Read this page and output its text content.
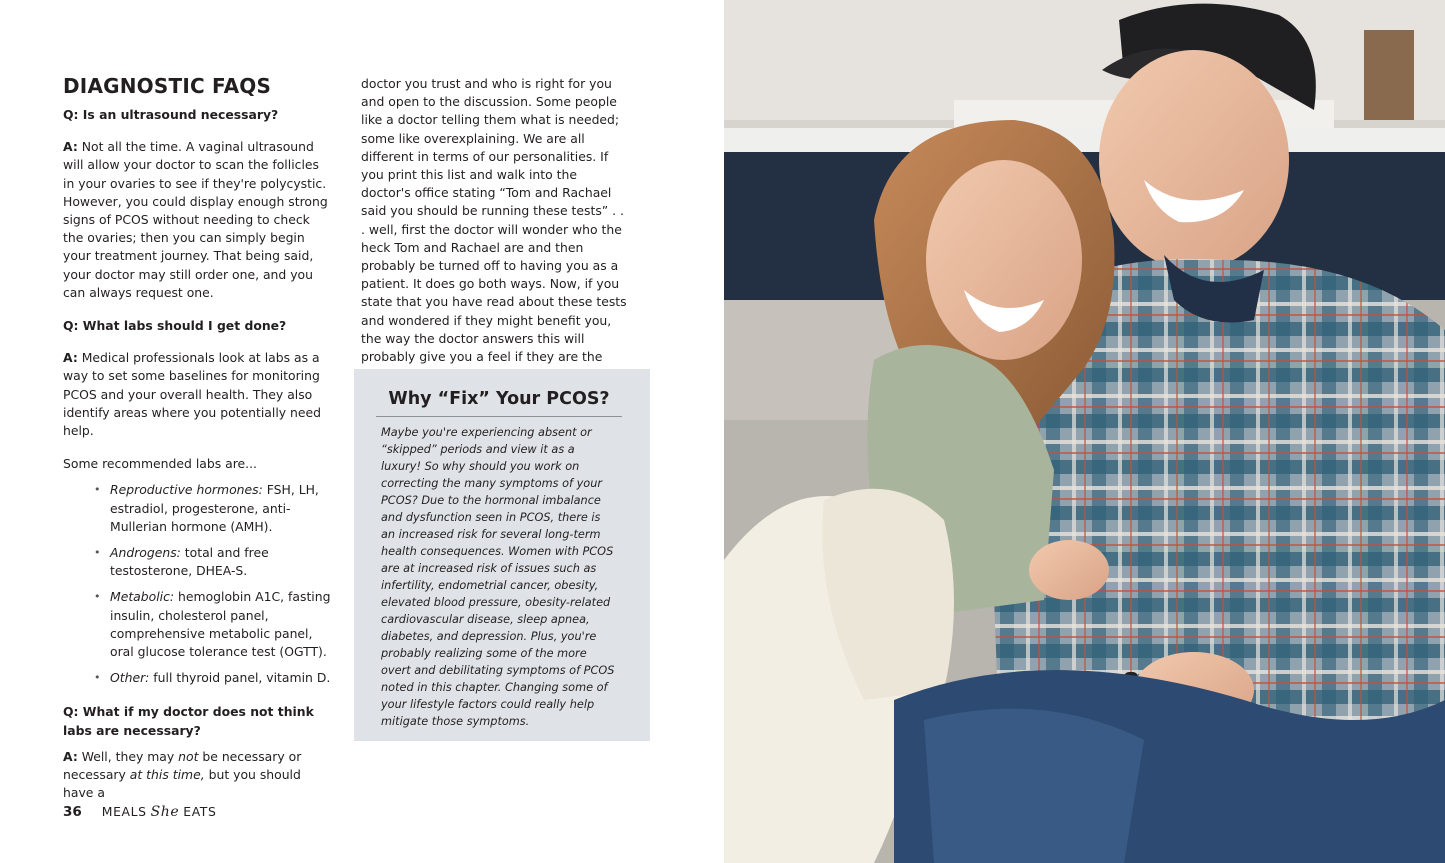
DIAGNOSTIC FAQS

Q: Is an ultrasound necessary?

A: Not all the time. A vaginal ultrasound will allow your doctor to scan the follicles in your ovaries to see if they're polycystic. However, you could display enough strong signs of PCOS without needing to check the ovaries; then you can simply begin your treatment journey. That being said, your doctor may still order one, and you can always request one.

Q: What labs should I get done?

A: Medical professionals look at labs as a way to set some baselines for monitoring PCOS and your overall health. They also identify areas where you potentially need help.

Some recommended labs are...

• Reproductive hormones: FSH, LH, estradiol, progesterone, anti-Mullerian hormone (AMH).
• Androgens: total and free testosterone, DHEA-S.
• Metabolic: hemoglobin A1C, fasting insulin, cholesterol panel, comprehensive metabolic panel, oral glucose tolerance test (OGTT).
• Other: full thyroid panel, vitamin D.

Q: What if my doctor does not think labs are necessary?

A: Well, they may not be necessary or necessary at this time, but you should have a

doctor you trust and who is right for you and open to the discussion. Some people like a doctor telling them what is needed; some like overexplaining. We are all different in terms of our personalities. If you print this list and walk into the doctor's office stating “Tom and Rachael said you should be running these tests” . . . well, first the doctor will wonder who the heck Tom and Rachael are and then probably be turned off to having you as a patient. It does go both ways. Now, if you state that you have read about these tests and wondered if they might benefit you, the way the doctor answers this will probably give you a feel if they are the

Why “Fix” Your PCOS?
Maybe you're experiencing absent or “skipped” periods and view it as a luxury! So why should you work on correcting the many symptoms of your PCOS? Due to the hormonal imbalance and dysfunction seen in PCOS, there is an increased risk for several long-term health consequences. Women with PCOS are at increased risk of issues such as infertility, endometrial cancer, obesity, elevated blood pressure, obesity-related cardiovascular disease, sleep apnea, diabetes, and depression. Plus, you're probably realizing some of the more overt and debilitating symptoms of PCOS noted in this chapter. Changing some of your lifestyle factors could really help mitigate those symptoms.
36 MEALS She EATS
